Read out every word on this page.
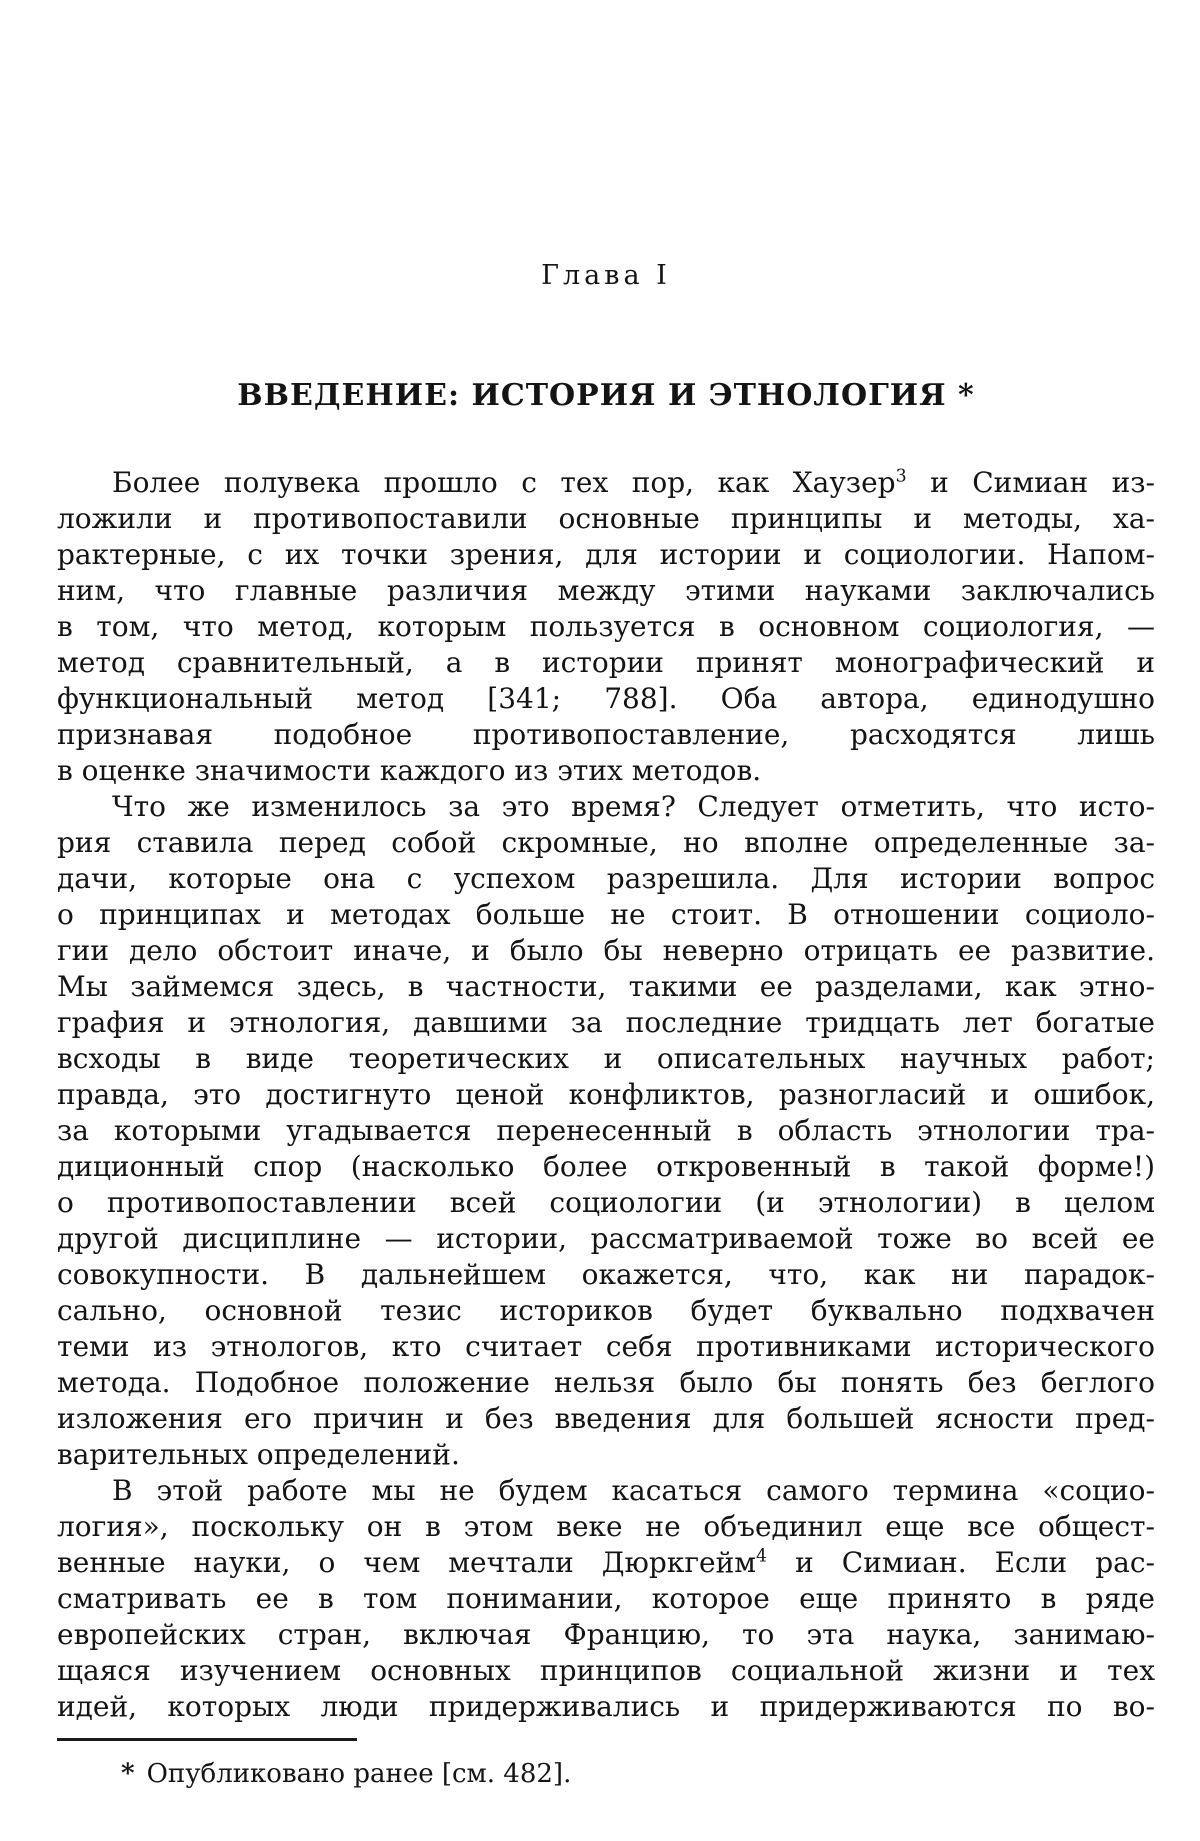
Глава I
ВВЕДЕНИЕ: ИСТОРИЯ И ЭТНОЛОГИЯ *
Более полувека прошло с тех пор, как Хаузер$^3$ и Симиан из-
ложили и противопоставили основные принципы и методы, ха-
рактерные, с их точки зрения, для истории и социологии. Напом-
ним, что главные различия между этими науками заключались
в том, что метод, которым пользуется в основном социология, —
метод сравнительный, а в истории принят монографический и
функциональный метод [341; 788]. Оба автора, единодушно
признавая подобное противопоставление, расходятся лишь
в оценке значимости каждого из этих методов.
Что же изменилось за это время? Следует отметить, что исто-
рия ставила перед собой скромные, но вполне определенные за-
дачи, которые она с успехом разрешила. Для истории вопрос
о принципах и методах больше не стоит. В отношении социоло-
гии дело обстоит иначе, и было бы неверно отрицать ее развитие.
Мы займемся здесь, в частности, такими ее разделами, как этно-
графия и этнология, давшими за последние тридцать лет богатые
всходы в виде теоретических и описательных научных работ;
правда, это достигнуто ценой конфликтов, разногласий и ошибок,
за которыми угадывается перенесенный в область этнологии тра-
диционный спор (насколько более откровенный в такой форме!)
о противопоставлении всей социологии (и этнологии) в целом
другой дисциплине — истории, рассматриваемой тоже во всей ее
совокупности. В дальнейшем окажется, что, как ни парадок-
сально, основной тезис историков будет буквально подхвачен
теми из этнологов, кто считает себя противниками исторического
метода. Подобное положение нельзя было бы понять без беглого
изложения его причин и без введения для большей ясности пред-
варительных определений.
В этой работе мы не будем касаться самого термина «социо-
логия», поскольку он в этом веке не объединил еще все общест-
венные науки, о чем мечтали Дюркгейм$^4$ и Симиан. Если рас-
сматривать ее в том понимании, которое еще принято в ряде
европейских стран, включая Францию, то эта наука, занимаю-
щаяся изучением основных принципов социальной жизни и тех
идей, которых люди придерживались и придерживаются по во-
* Опубликовано ранее [см. 482].
